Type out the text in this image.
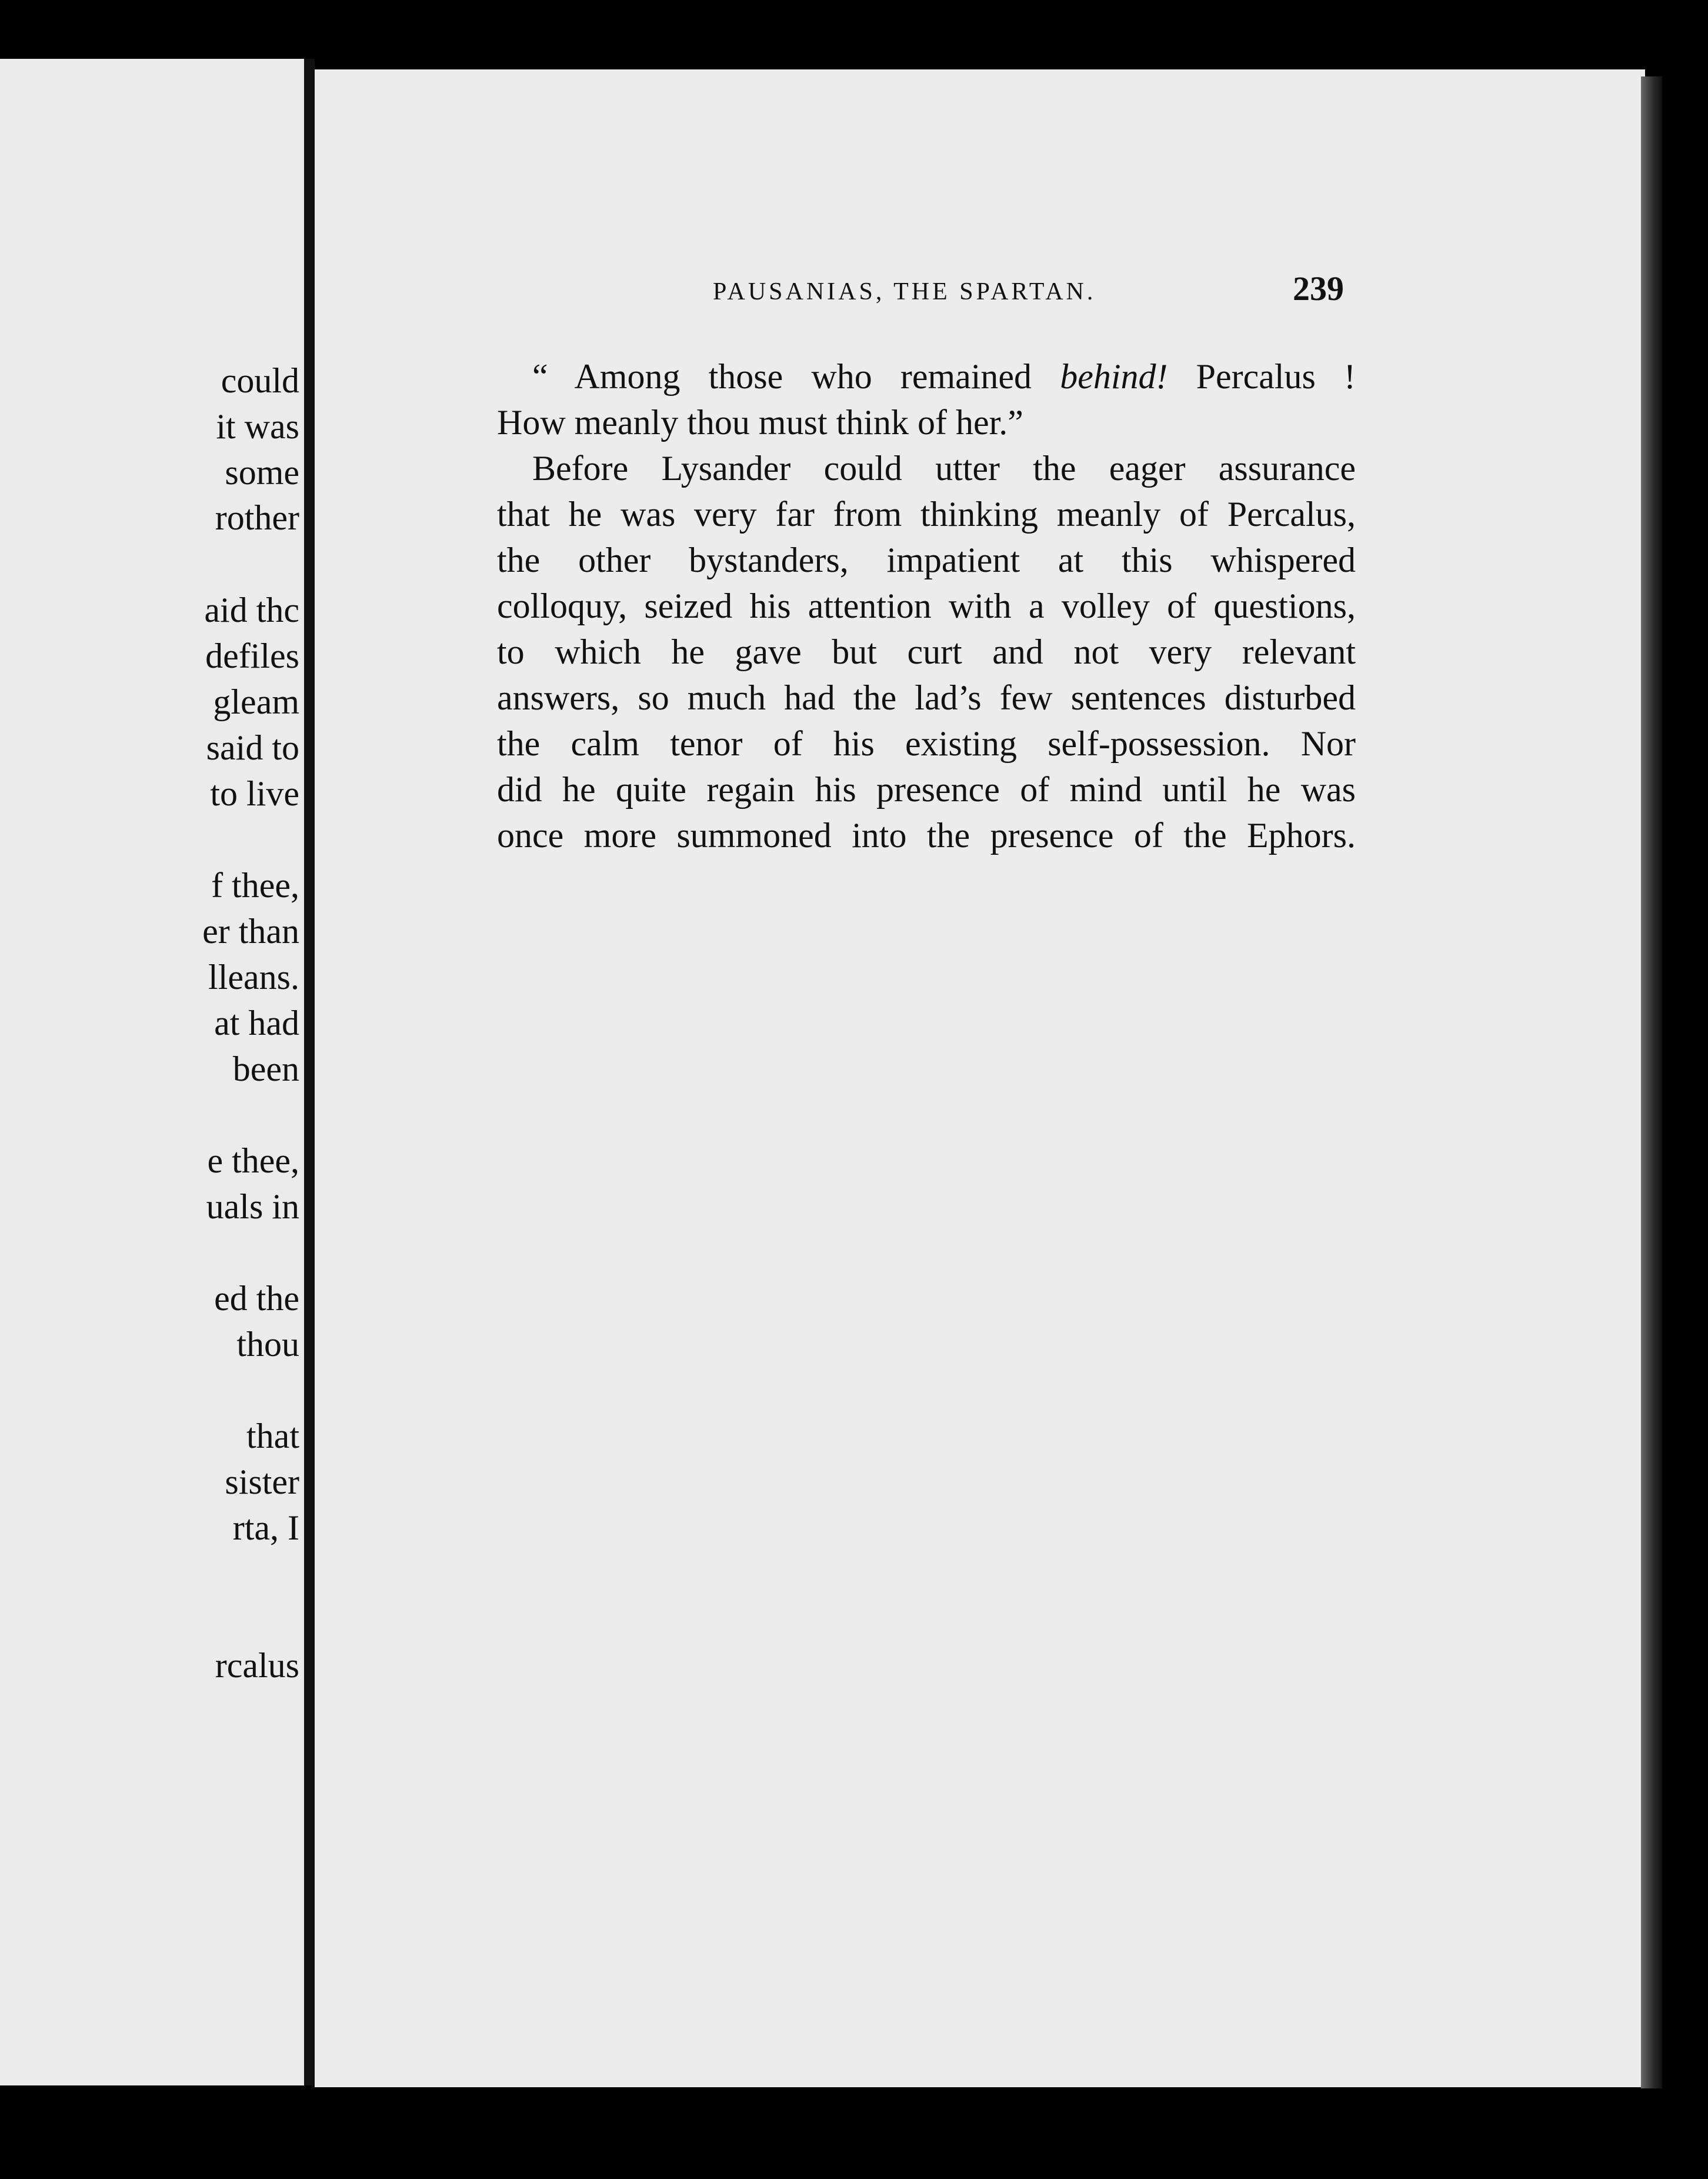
could
it was
some
rother
aid thc
defiles
gleam
said to
to live
f thee,
er than
lleans.
at had
been
e thee,
uals in
ed the
thou
that
sister
rta, I
rcalus
PAUSANIAS, THE SPARTAN.	239
“ Among those who remained behind! Percalus !
How meanly thou must think of her.”
Before Lysander could utter the eager assurance
that he was very far from thinking meanly of Percalus,
the other bystanders, impatient at this whispered
colloquy, seized his attention with a volley of questions,
to which he gave but curt and not very relevant
answers, so much had the lad’s few sentences disturbed
the calm tenor of his existing self-possession. Nor
did he quite regain his presence of mind until he was
once more summoned into the presence of the Ephors.
